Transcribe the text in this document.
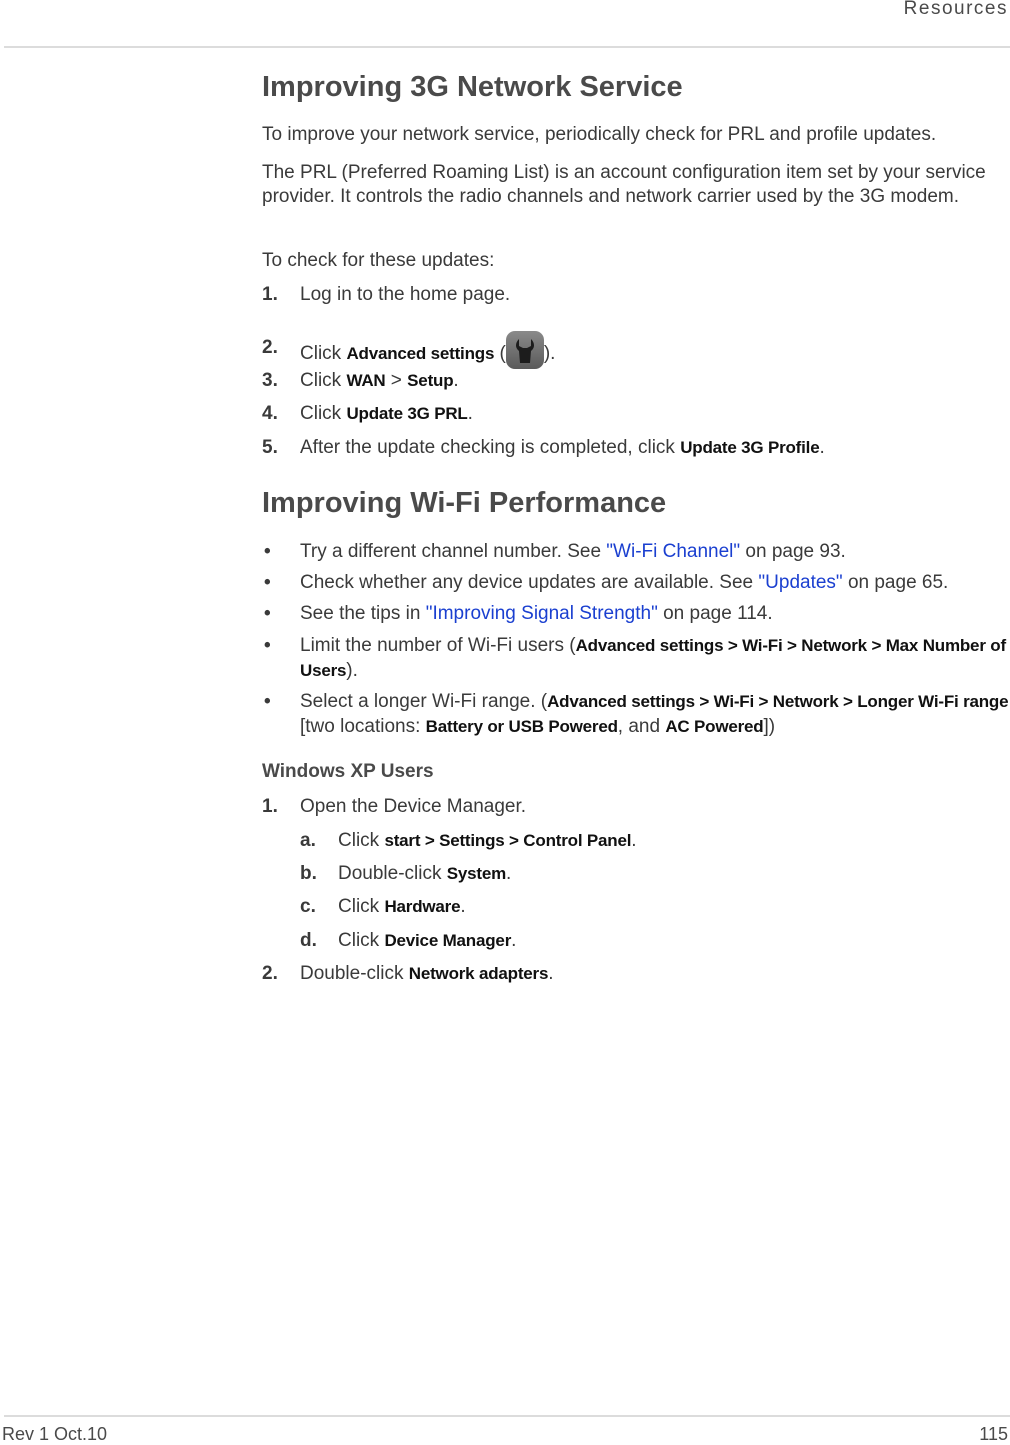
Resources
Improving 3G Network Service
To improve your network service, periodically check for PRL and profile updates.
The PRL (Preferred Roaming List) is an account configuration item set by your service provider. It controls the radio channels and network carrier used by the 3G modem.
To check for these updates:
1. Log in to the home page.
2. Click Advanced settings ( ).
3. Click WAN > Setup.
4. Click Update 3G PRL.
5. After the update checking is completed, click Update 3G Profile.
Improving Wi-Fi Performance
• Try a different channel number. See "Wi-Fi Channel" on page 93.
• Check whether any device updates are available. See "Updates" on page 65.
• See the tips in "Improving Signal Strength" on page 114.
• Limit the number of Wi-Fi users (Advanced settings > Wi-Fi > Network > Max Number of Users).
• Select a longer Wi-Fi range. (Advanced settings > Wi-Fi > Network > Longer Wi-Fi range [two locations: Battery or USB Powered, and AC Powered])
Windows XP Users
1. Open the Device Manager.
a. Click start > Settings > Control Panel.
b. Double-click System.
c. Click Hardware.
d. Click Device Manager.
2. Double-click Network adapters.
Rev 1 Oct.10	115
